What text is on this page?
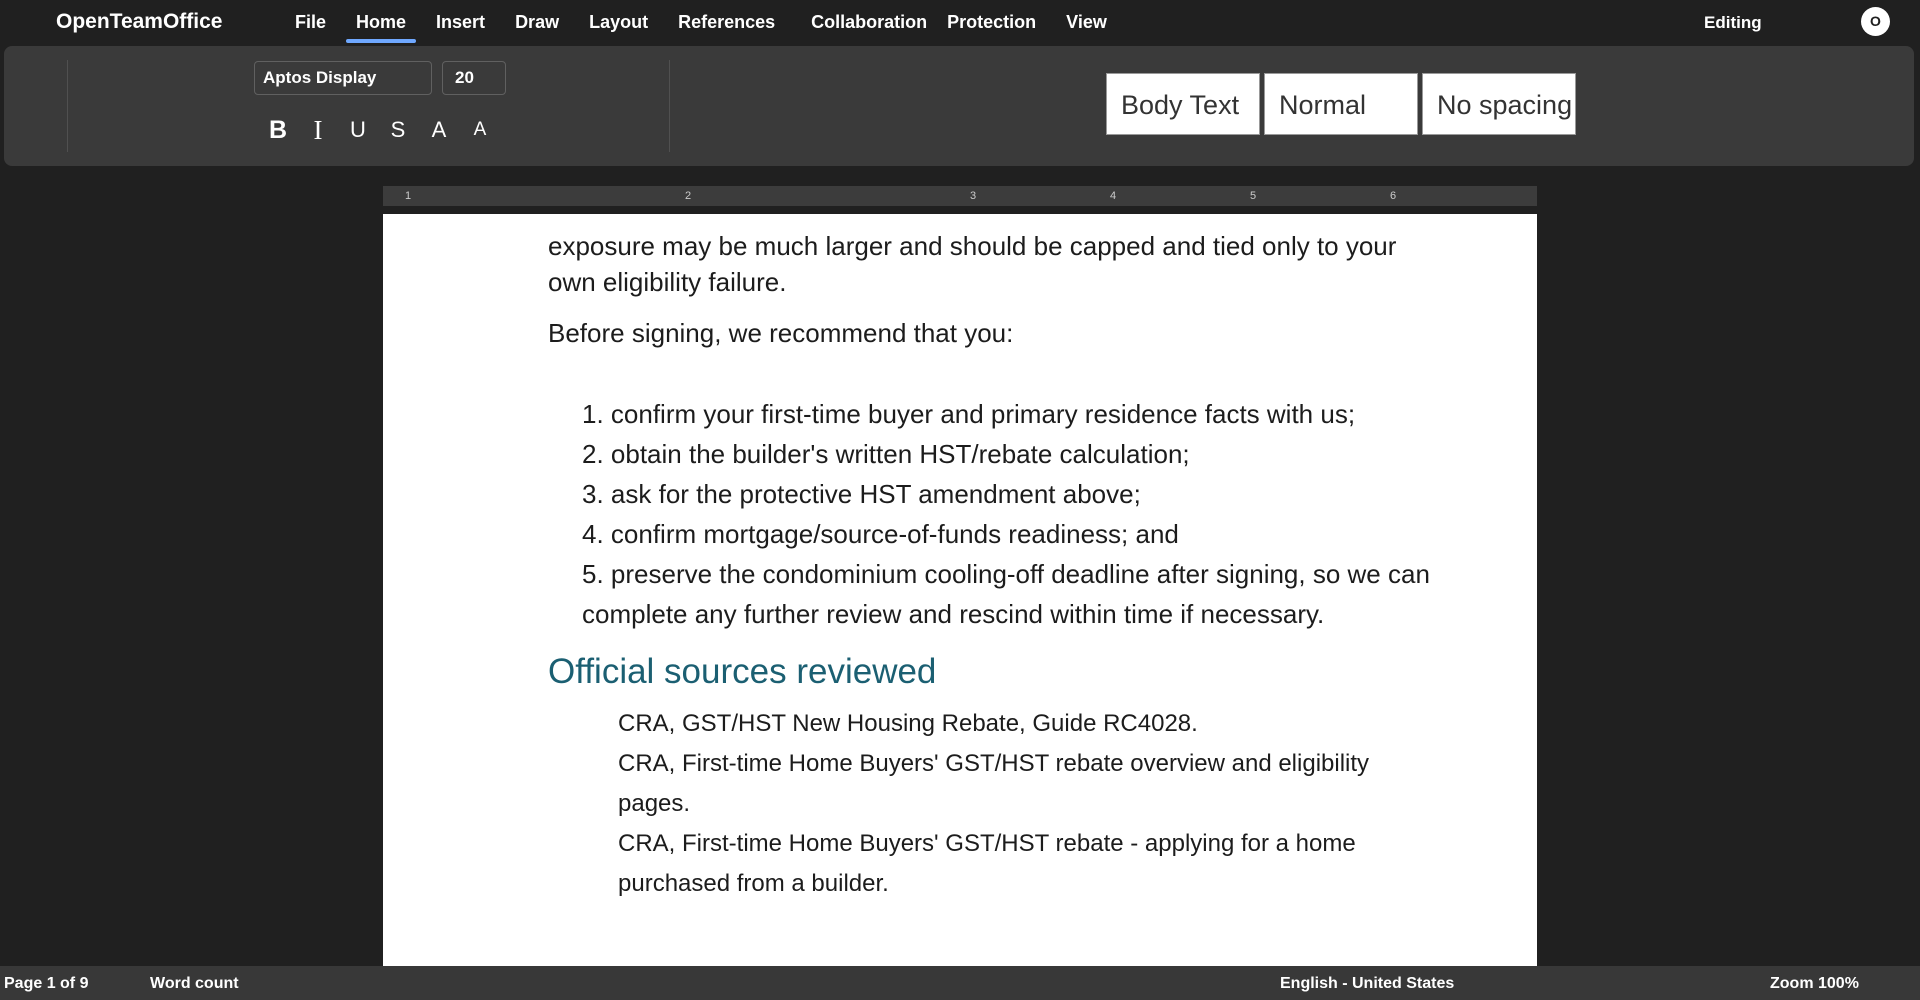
OpenTeamOffice	File	Home	Insert	Draw	Layout	References	Collaboration	Protection	View	Editing	O
Aptos Display	20
B I	U	S	A	A
Body Text	Normal	No spacing
1	2	3	4	5	6
exposure may be much larger and should be capped and tied only to your
own eligibility failure.
Before signing, we recommend that you:
1. confirm your first-time buyer and primary residence facts with us;
2. obtain the builder's written HST/rebate calculation;
3. ask for the protective HST amendment above;
4. confirm mortgage/source-of-funds readiness; and
5. preserve the condominium cooling-off deadline after signing, so we can
complete any further review and rescind within time if necessary.
Official sources reviewed
CRA, GST/HST New Housing Rebate, Guide RC4028.
CRA, First-time Home Buyers' GST/HST rebate overview and eligibility
pages.
CRA, First-time Home Buyers' GST/HST rebate - applying for a home
purchased from a builder.
Page 1 of 9	Word count	English - United States	Zoom 100%
